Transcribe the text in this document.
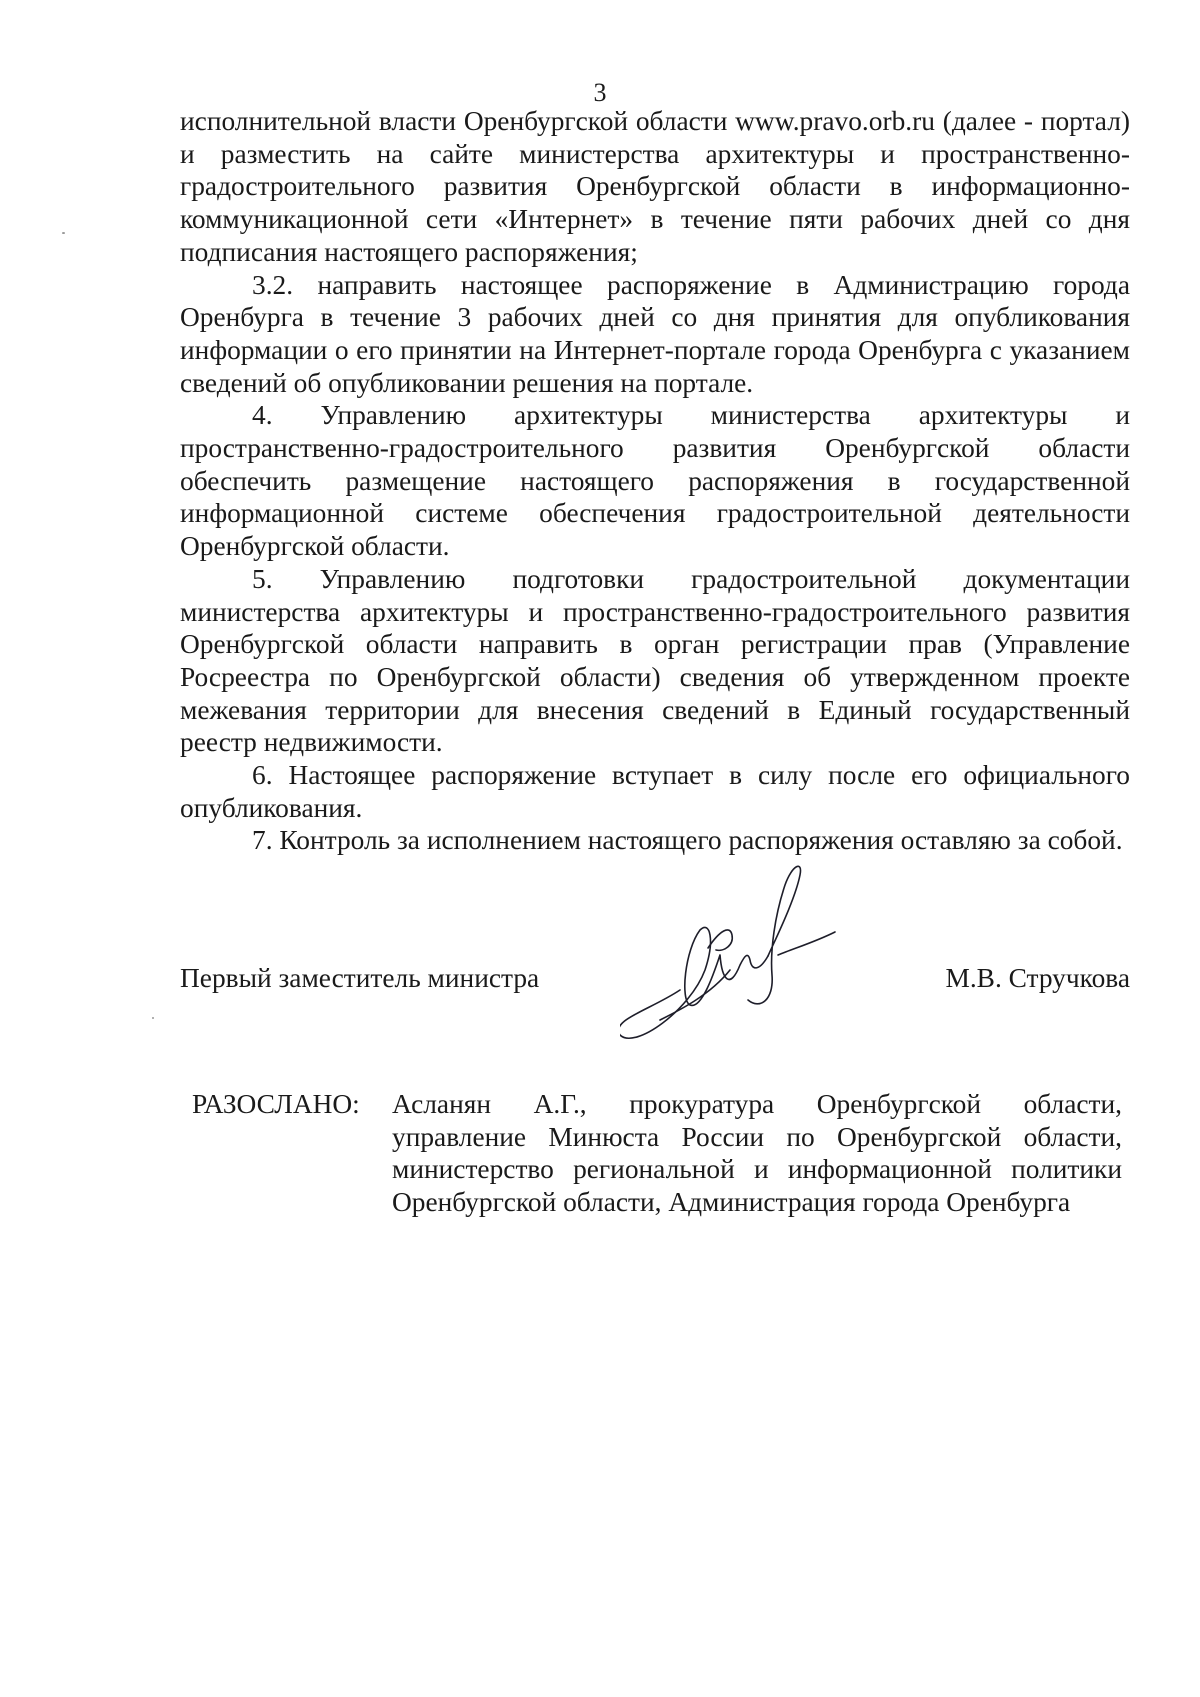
3

исполнительной власти Оренбургской области www.pravo.orb.ru (далее - портал) и разместить на сайте министерства архитектуры и пространственно-градостроительного развития Оренбургской области в информационно-коммуникационной сети «Интернет» в течение пяти рабочих дней со дня подписания настоящего распоряжения;

3.2. направить настоящее распоряжение в Администрацию города Оренбурга в течение 3 рабочих дней со дня принятия для опубликования информации о его принятии на Интернет-портале города Оренбурга с указанием сведений об опубликовании решения на портале.

4. Управлению архитектуры министерства архитектуры и пространственно-градостроительного развития Оренбургской области обеспечить размещение настоящего распоряжения в государственной информационной системе обеспечения градостроительной деятельности Оренбургской области.

5. Управлению подготовки градостроительной документации министерства архитектуры и пространственно-градостроительного развития Оренбургской области направить в орган регистрации прав (Управление Росреестра по Оренбургской области) сведения об утвержденном проекте межевания территории для внесения сведений в Единый государственный реестр недвижимости.

6. Настоящее распоряжение вступает в силу после его официального опубликования.

7. Контроль за исполнением настоящего распоряжения оставляю за собой.

Первый заместитель министра	М.В. Стручкова
РАЗОСЛАНО: Асланян А.Г., прокуратура Оренбургской области,
управление Минюста России по Оренбургской области,
министерство региональной и информационной политики
Оренбургской области, Администрация города Оренбурга
